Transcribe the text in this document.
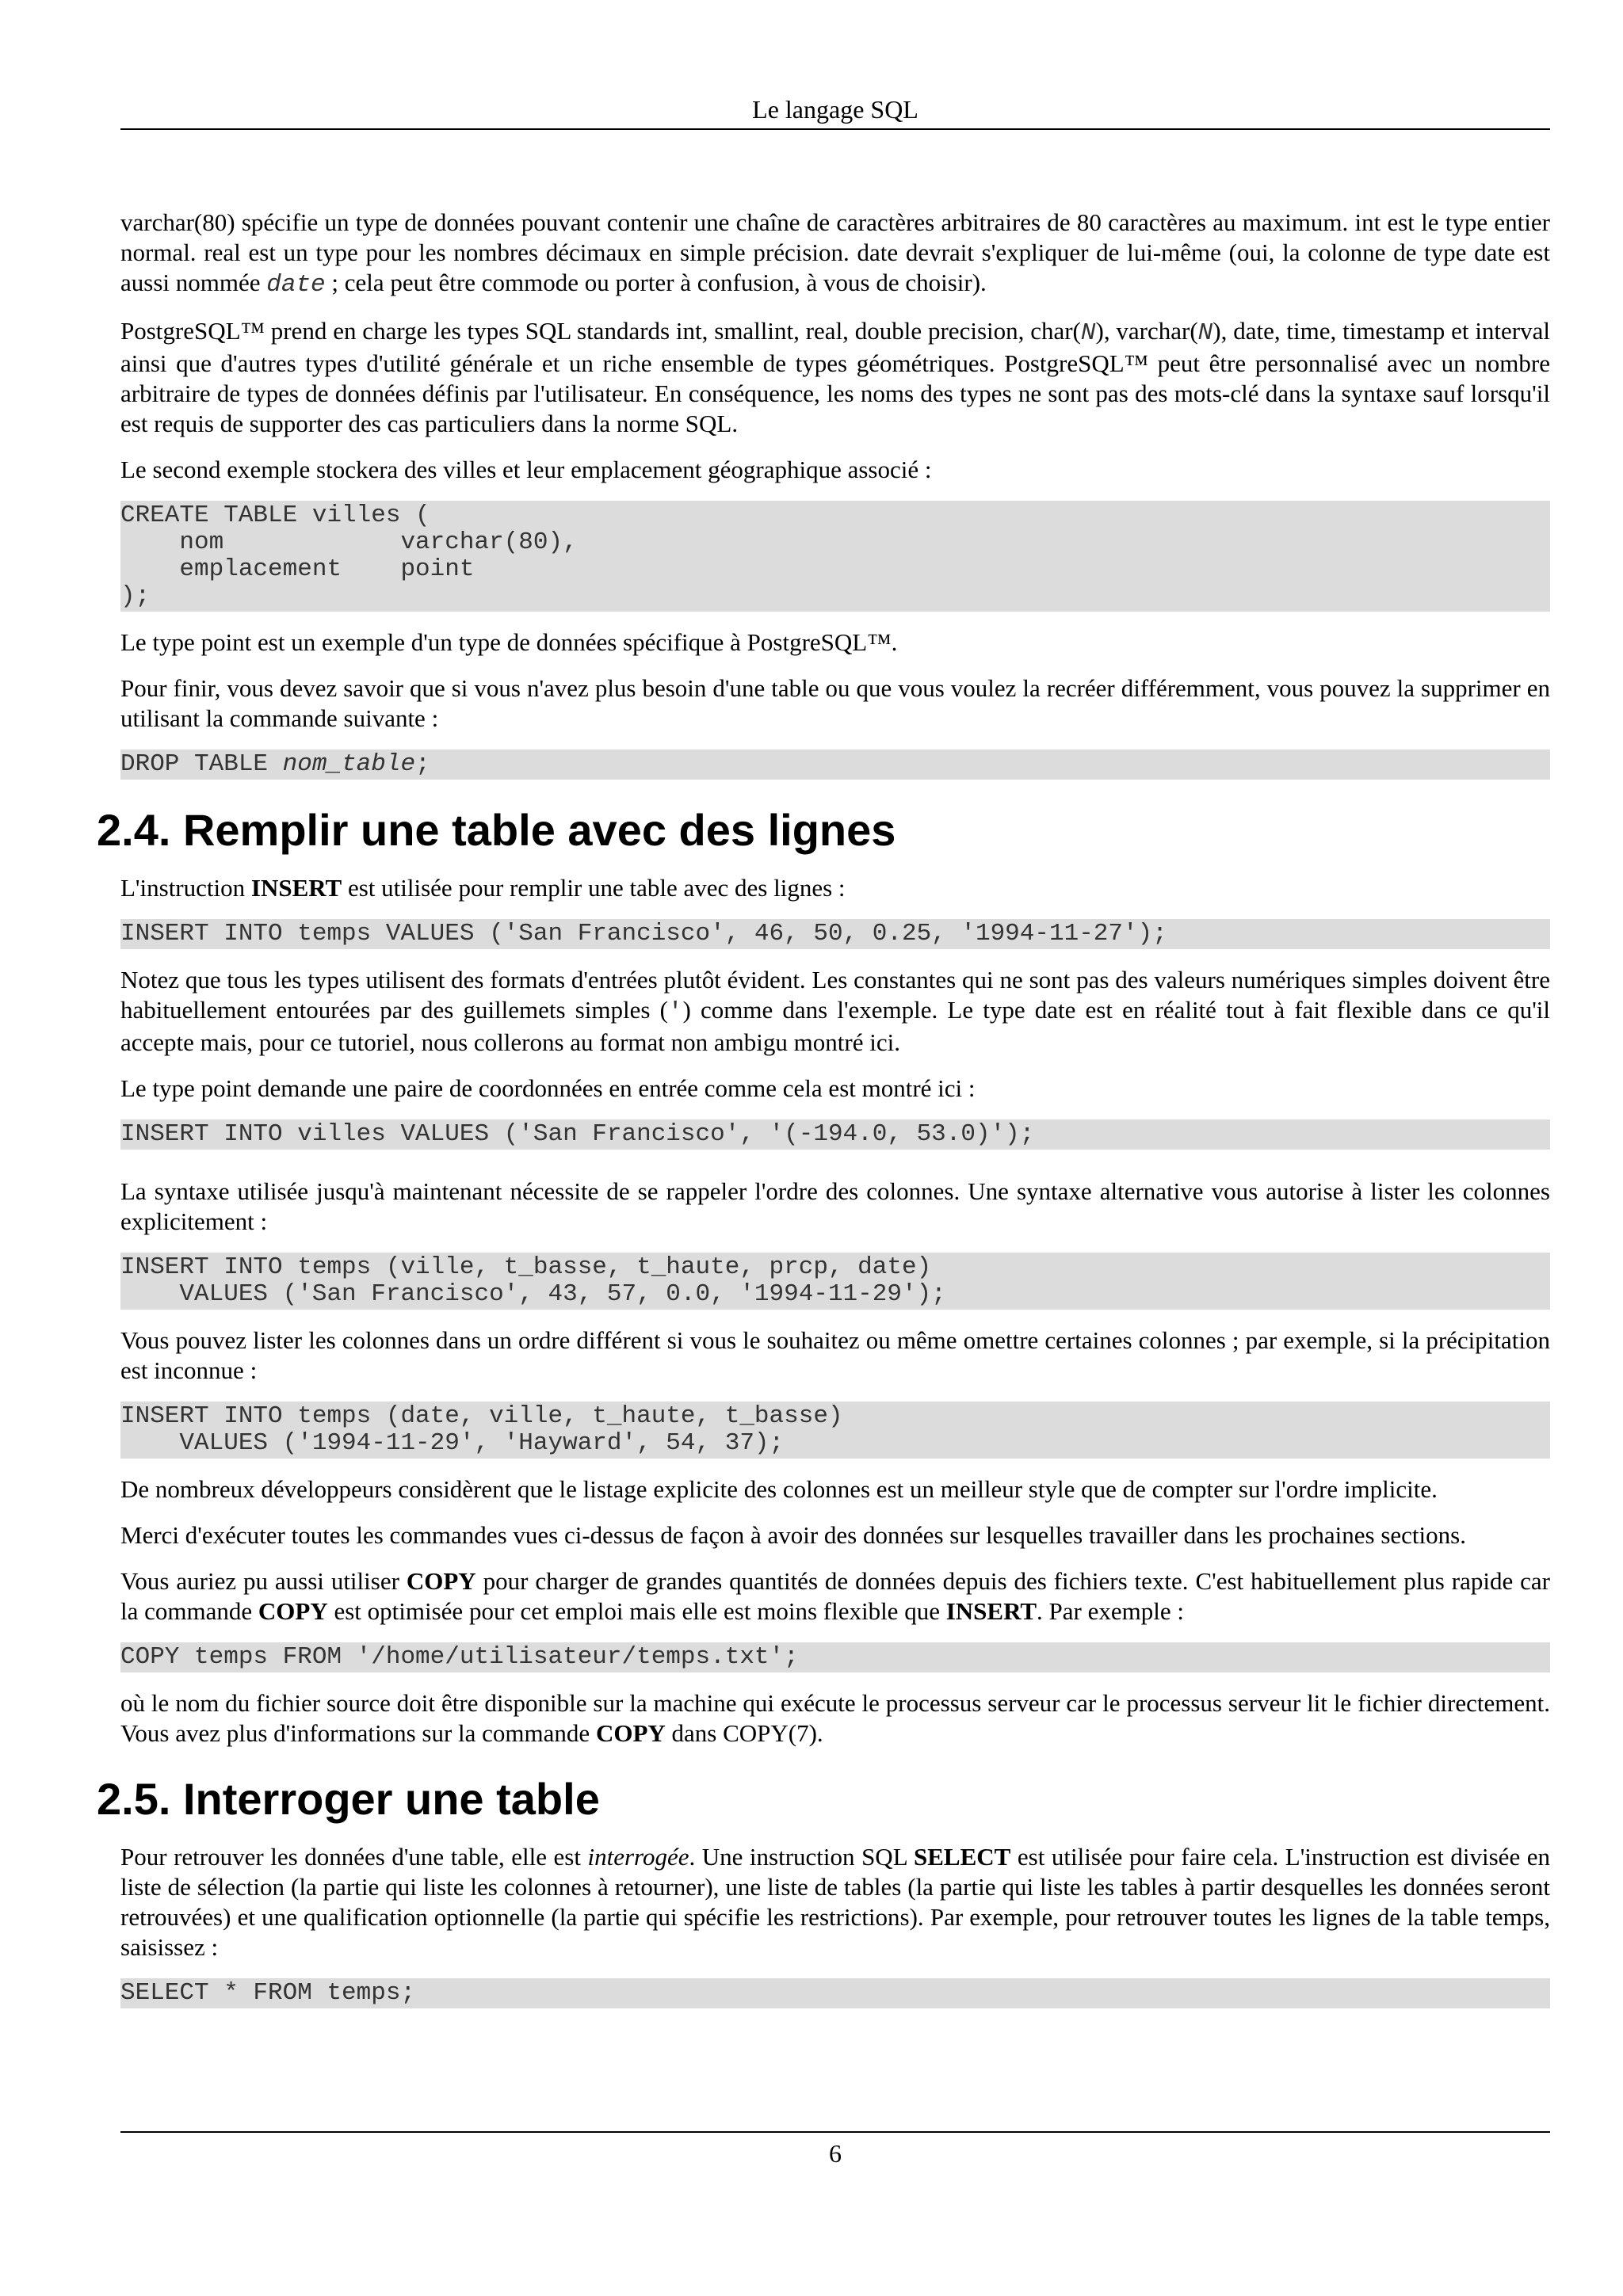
Le langage SQL

varchar(80) spécifie un type de données pouvant contenir une chaîne de caractères arbitraires de 80 caractères au maximum. int est le type entier normal. real est un type pour les nombres décimaux en simple précision. date devrait s'expliquer de lui-même (oui, la colonne de type date est aussi nommée date ; cela peut être commode ou porter à confusion, à vous de choisir).

PostgreSQL™ prend en charge les types SQL standards int, smallint, real, double precision, char(N), varchar(N), date, time, timestamp et interval ainsi que d'autres types d'utilité générale et un riche ensemble de types géométriques. PostgreSQL™ peut être personnalisé avec un nombre arbitraire de types de données définis par l'utilisateur. En conséquence, les noms des types ne sont pas des mots-clé dans la syntaxe sauf lorsqu'il est requis de supporter des cas particuliers dans la norme SQL.

Le second exemple stockera des villes et leur emplacement géographique associé :

CREATE TABLE villes (
nom            varchar(80),
emplacement    point
);

Le type point est un exemple d'un type de données spécifique à PostgreSQL™.

Pour finir, vous devez savoir que si vous n'avez plus besoin d'une table ou que vous voulez la recréer différemment, vous pouvez la supprimer en utilisant la commande suivante :

DROP TABLE nom_table;
2.4. Remplir une table avec des lignes

L'instruction INSERT est utilisée pour remplir une table avec des lignes :

INSERT INTO temps VALUES ('San Francisco', 46, 50, 0.25, '1994-11-27');

Notez que tous les types utilisent des formats d'entrées plutôt évident. Les constantes qui ne sont pas des valeurs numériques simples doivent être habituellement entourées par des guillemets simples (') comme dans l'exemple. Le type date est en réalité tout à fait flexible dans ce qu'il accepte mais, pour ce tutoriel, nous collerons au format non ambigu montré ici.

Le type point demande une paire de coordonnées en entrée comme cela est montré ici :

INSERT INTO villes VALUES ('San Francisco', '(-194.0, 53.0)');

La syntaxe utilisée jusqu'à maintenant nécessite de se rappeler l'ordre des colonnes. Une syntaxe alternative vous autorise à lister les colonnes explicitement :

INSERT INTO temps (ville, t_basse, t_haute, prcp, date)
VALUES ('San Francisco', 43, 57, 0.0, '1994-11-29');

Vous pouvez lister les colonnes dans un ordre différent si vous le souhaitez ou même omettre certaines colonnes ; par exemple, si la précipitation est inconnue :

INSERT INTO temps (date, ville, t_haute, t_basse)
VALUES ('1994-11-29', 'Hayward', 54, 37);

De nombreux développeurs considèrent que le listage explicite des colonnes est un meilleur style que de compter sur l'ordre implicite.

Merci d'exécuter toutes les commandes vues ci-dessus de façon à avoir des données sur lesquelles travailler dans les prochaines sections.

Vous auriez pu aussi utiliser COPY pour charger de grandes quantités de données depuis des fichiers texte. C'est habituellement plus rapide car la commande COPY est optimisée pour cet emploi mais elle est moins flexible que INSERT. Par exemple :

COPY temps FROM '/home/utilisateur/temps.txt';

où le nom du fichier source doit être disponible sur la machine qui exécute le processus serveur car le processus serveur lit le fichier directement. Vous avez plus d'informations sur la commande COPY dans COPY(7).

2.5. Interroger une table

Pour retrouver les données d'une table, elle est interrogée. Une instruction SQL SELECT est utilisée pour faire cela. L'instruction est divisée en liste de sélection (la partie qui liste les colonnes à retourner), une liste de tables (la partie qui liste les tables à partir desquelles les données seront retrouvées) et une qualification optionnelle (la partie qui spécifie les restrictions). Par exemple, pour retrouver toutes les lignes de la table temps, saisissez :

SELECT * FROM temps;
6
